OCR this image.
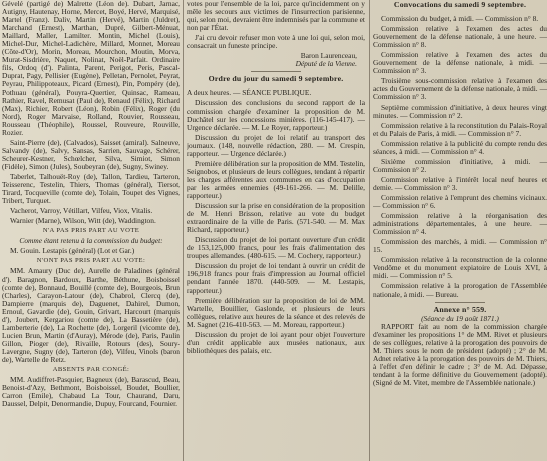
Gévelé (partigé de) Malrette (Léon de). Dubart, Jarnac, Autigny, Hautenay, Horne, Mercet, Boyé, Hervé, Marquisé, Martel (Franz). Daliv, Martin (Hervé), Martin (Juldret), Marchand (Ernest), Marthan, Dupré, Gilbert-Ménuat, Maillard, Maller, Lamilter. Montin, Michel (Louis), Michel-Dur, Michel-Ladichère, Millard, Monnet, Moreau (Côte-d'Or), Morin, Moreau, Mourchon, Moutin, Morva, Murat-Sisdrière, Naquet, Nolinat, Noël-Parfait. Ordinaire fils, Ordoq (d'). Palinta, Parent, Perigot, Peris, Pascal-Duprat, Pagy, Pellisier (Eugène), Pelletan, Pernolet, Peyrat, Peyrau, Philippoteaux, Picard (Ernest), Pin, Pompéry (de), Pothuau (général), Pouyra-Quertier, Quinsac, Rameau, Rathier, Ravel, Remusat (Paul de), Renaud (Félix), Richard (Max), Richier, Robert (Léon), Robin (Félix), Roger (du Nord), Roger Marvaise, Rolland, Rouvier, Rousseau, Rousseau (Théophile), Roussel, Rouveure, Rouville, Rozier.
Saint-Pierre (de), (Calvados), Saisset (amiral). Salneuve, Salvandy (de), Salvy, Sansas, Sarrien, Sauvage, Schérer, Scheurer-Kestner, Schœlcher, Silva, Simiot, Simon (Fidèle), Simon (Jules), Soubeyran (de), Sugny, Swiney.
Taberlet, Talhouët-Roy (de), Tallon, Tardieu, Tarteron, Teisserenc, Testelin, Thiers, Thomas (général), Tiersot, Tirard, Tocqueville (comte de), Tolain, Toupet des Vignes, Tribert, Turquet.
Vacherot, Varroy, Vétillart, Vilfeu, Viox, Vitalis.
Warnier (Marne), Wilson, Witt (de), Waddington.
N'A PAS PRIS PART AU VOTE
Comme étant retenu à la commission du budget:
M. Gouin. Lestapis (général) (Lot et Gar.)
N'ONT PAS PRIS PART AU VOTE:
MM. Amaury (Duc de), Aurelle de Paladines (général d'). Baragnon, Bardoux, Barthe, Béthune, Boisboissel (comte de), Bonnaud, Bouillé (comte de), Bourgeois, Brun (Charles), Carayon-Latour (de), Chabrol, Clercq (de), Dampierre (marquis de), Daguenet, Dahirel, Dumon, Ernoul, Gavardie (de), Gouin, Grivart, Harcourt (marquis d'), Joubert, Kergariou (comte de), La Bassetière (de), Lamberterie (de), La Rochette (de), Lorgeril (vicomte de), Lucien Brun, Martin (d'Auray), Mérode (de), Paris, Paulin Gillon, Pioger (de), Rivaille, Rotours (des), Soury-Lavergne, Sugny (de), Tarteron (de), Vilfeu, Vinols (baron de), Wartelle de Retz.
ABSENTS PAR CONGÉ:
MM. Audiffret-Pasquier, Bagneux (de), Barascud, Beau, Benoist-d'Azy, Bethmont, Boisboissel, Boudet, Boullier, Carron (Emile), Chabaud La Tour, Chaurand, Daru, Daussel, Delpit, Denormandie, Dupuy, Fourcand, Fournier.
votes pour l'ensemble de la loi, parce qu'incidemment on y mêle les secours aux victimes de l'insurrection parisienne, qui, selon moi, devraient être indemnisés par la commune et non par l'État.
J'ai cru devoir refuser mon vote à une loi qui, selon moi, consacrait un funeste principe.
Baron Laurenceau,
Député de la Vienne.
Ordre du jour du samedi 9 septembre.
A deux heures. — SÉANCE PUBLIQUE.
Discussion des conclusions du second rapport de la commission chargée d'examiner la proposition de M. Duchâtel sur les concessions minières. (116-145-417). — Urgence déclarée. — M. Le Royer, rapporteur.)
Discussion du projet de loi relatif au transport des journaux. (148, nouvelle rédaction, 280. — M. Crespin, rapporteur. — Urgence déclarée.)
Première délibération sur la proposition de MM. Testelin, Seignobos, et plusieurs de leurs collègues, tendant à répartir les charges afférentes aux communes en cas d'occupation par les armées ennemies (49-161-266. — M. Delille, rapporteur.)
Discussion sur la prise en considération de la proposition de M. Henri Brisson, relative au vote du budget extraordinaire de la ville de Paris. (571-540. — M. Max Richard, rapporteur.)
Discussion du projet de loi portant ouverture d'un crédit de 153,125,000 francs, pour les frais d'alimentation des troupes allemandes. (480-615. — M. Cochery, rapporteur.)
Discussion du projet de loi tendant à ouvrir un crédit de 196,918 francs pour frais d'impression au Journal officiel pendant l'année 1870. (440-509. — M. Lestapis, rapporteur.)
Première délibération sur la proposition de loi de MM. Wartelle, Bouillier, Gaslonde, et plusieurs de leurs collègues, relative aux heures de la séance et des relevés de M. Sagnet (216-410-563. — M. Moreau, rapporteur.)
Discussion du projet de loi ayant pour objet l'ouverture d'un crédit applicable aux musées nationaux, aux bibliothèques des palais, etc.
Convocations du samedi 9 septembre.
Commission du budget, à midi. — Commission n° 8.
Commission relative à l'examen des actes du Gouvernement de la défense nationale, à une heure. — Commission n° 8.
Commission relative à l'examen des actes du Gouvernement de la défense nationale, à midi. — Commission n° 3.
Troisième sous-commission relative à l'examen des actes du Gouvernement de la défense nationale, à midi. — Commission n° 3.
Septième commission d'initiative, à deux heures vingt minutes. — Commission n° 2.
Commission relative à la reconstitution du Palais-Royal et du Palais de Paris, à midi. — Commission n° 7.
Commission relative à la publicité du compte rendu des séances, à midi. — Commission n° 4.
Sixième commission d'initiative, à midi. — Commission n° 2.
Commission relative à l'intérêt local neuf heures et demie. — Commission n° 3.
Commission relative à l'emprunt des chemins vicinaux. — Commission n° 6.
Commission relative à la réorganisation des administrations départementales, à une heure. — Commission n° 4.
Commission des marchés, à midi. — Commission n° 15.
Commission relative à la reconstruction de la colonne Vendôme et du monument expiatoire de Louis XVI, à midi. — Commission n° 5.
Commission relative à la prorogation de l'Assemblée nationale, à midi. — Bureau.
Annexe n° 559.
(Séance du 19 août 1871.)
RAPPORT fait au nom de la commission chargée d'examiner les propositions 1° de MM. Rivet et plusieurs de ses collègues, relative à la prorogation des pouvoirs de M. Thiers sous le nom de président (adopté) ; 2° de M. Adnet relative à la prorogation des pouvoirs de M. Thiers, à l'effet d'en définir le cadre ; 3° de M. Ad. Dépasse, tendant à la forme définitive du Gouvernement (adopté). (Signé de M. Vitet, membre de l'Assemblée nationale.)
